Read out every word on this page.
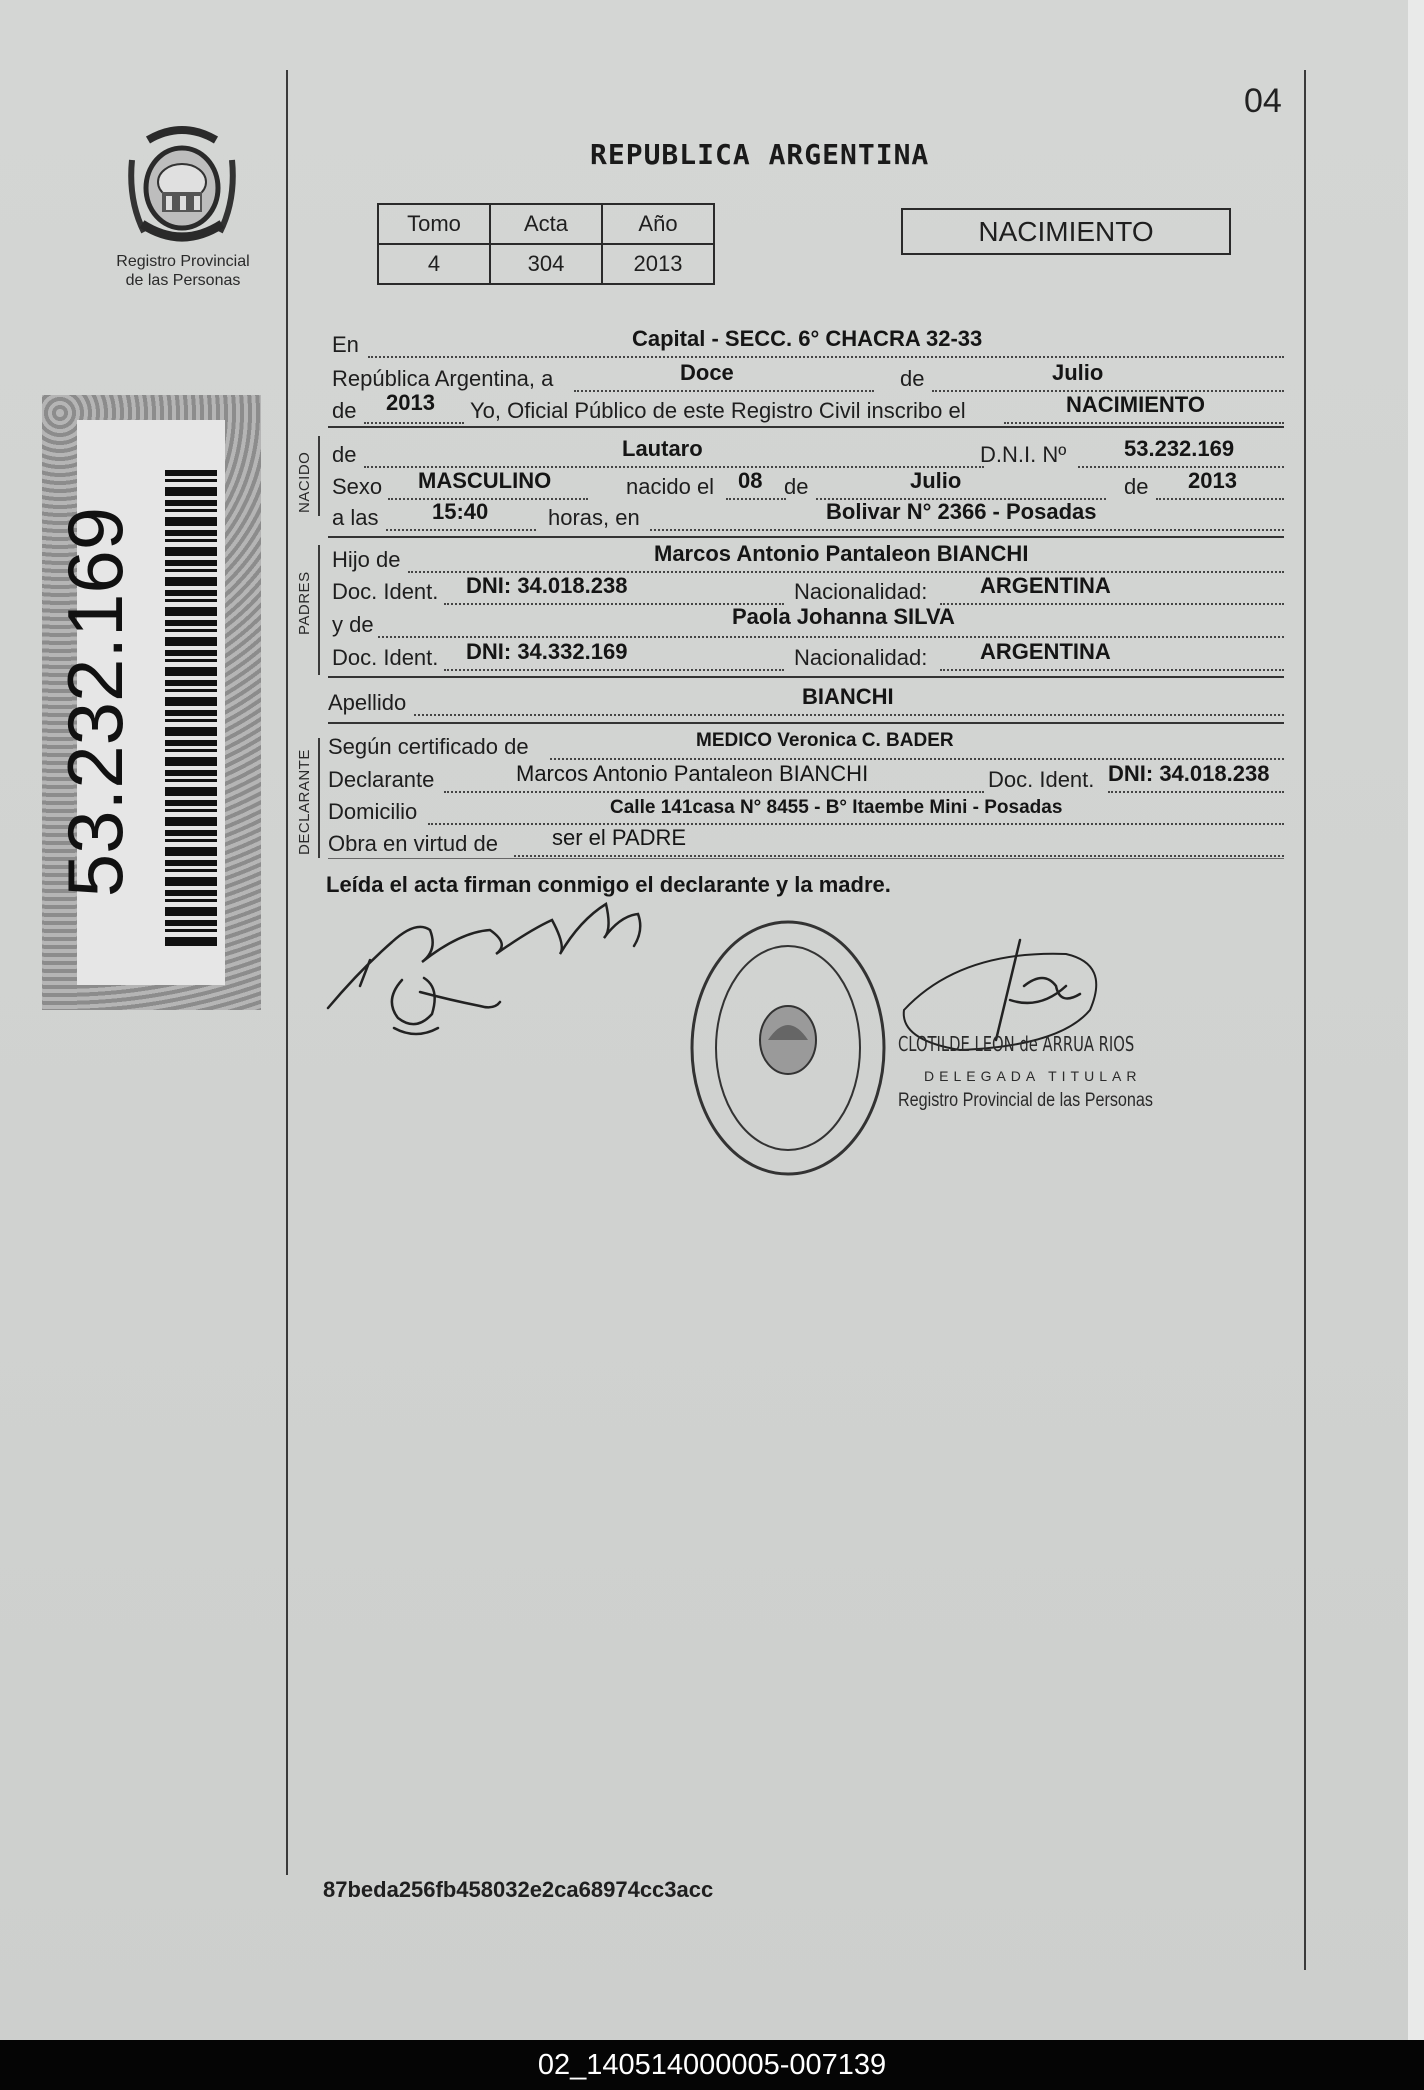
04
Registro Provincial
de las Personas
53.232.169
REPUBLICA ARGENTINA
Tomo	Acta	Año
4	304	2013
NACIMIENTO
NACIDO
PADRES
DECLARANTE
En	Capital - SECC. 6° CHACRA 32-33
República Argentina, a	Doce	de	Julio
de 2013 Yo, Oficial Público de este Registro Civil inscribo el	NACIMIENTO
de	Lautaro	D.N.I. Nº	53.232.169
Sexo MASCULINO	nacido el 08 de	Julio	de 2013
a las 15:40	horas, en	Bolivar N° 2366 - Posadas
Hijo de	Marcos Antonio Pantaleon BIANCHI
Doc. Ident. DNI: 34.018.238	Nacionalidad: ARGENTINA
y de	Paola Johanna SILVA
Doc. Ident. DNI: 34.332.169	Nacionalidad: ARGENTINA
Apellido	BIANCHI
Según certificado de	MEDICO Veronica C. BADER
Declarante	Marcos Antonio Pantaleon BIANCHI	Doc. Ident. DNI: 34.018.238
Domicilio	Calle 141casa N° 8455 - B° Itaembe Mini - Posadas
Obra en virtud de ser el PADRE
Leída el acta firman conmigo el declarante y la madre.
CLOTILDE LEON de ARRUA RIOS
DELEGADA TITULAR
Registro Provincial de las Personas
87beda256fb458032e2ca68974cc3acc
02_140514000005-007139
